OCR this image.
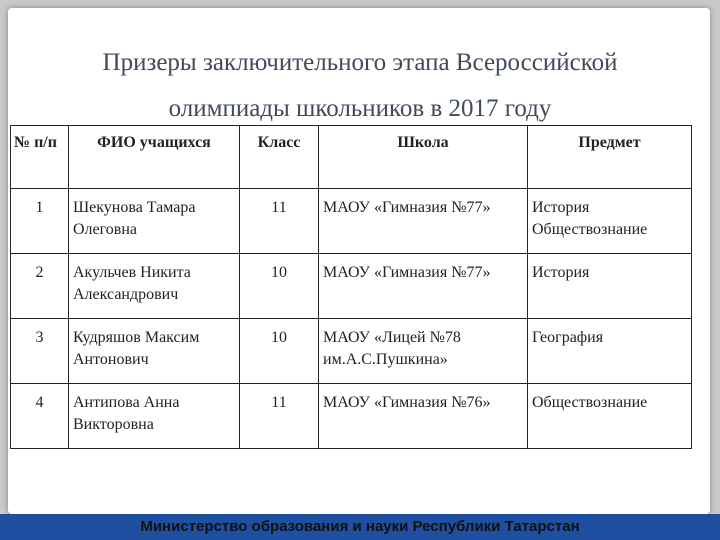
Призеры заключительного этапа Всероссийской
олимпиады школьников в 2017 году
№ п/п	ФИО учащихся	Класс	Школа	Предмет
1	Шекунова Тамара Олеговна	11	МАОУ «Гимназия №77»	История Обществознание
2	Акульчев Никита Александрович	10	МАОУ «Гимназия №77»	История
3	Кудряшов Максим Антонович	10	МАОУ «Лицей №78 им.А.С.Пушкина»	География
4	Антипова Анна Викторовна	11	МАОУ «Гимназия №76»	Обществознание
Министерство образования и науки Республики Татарстан
